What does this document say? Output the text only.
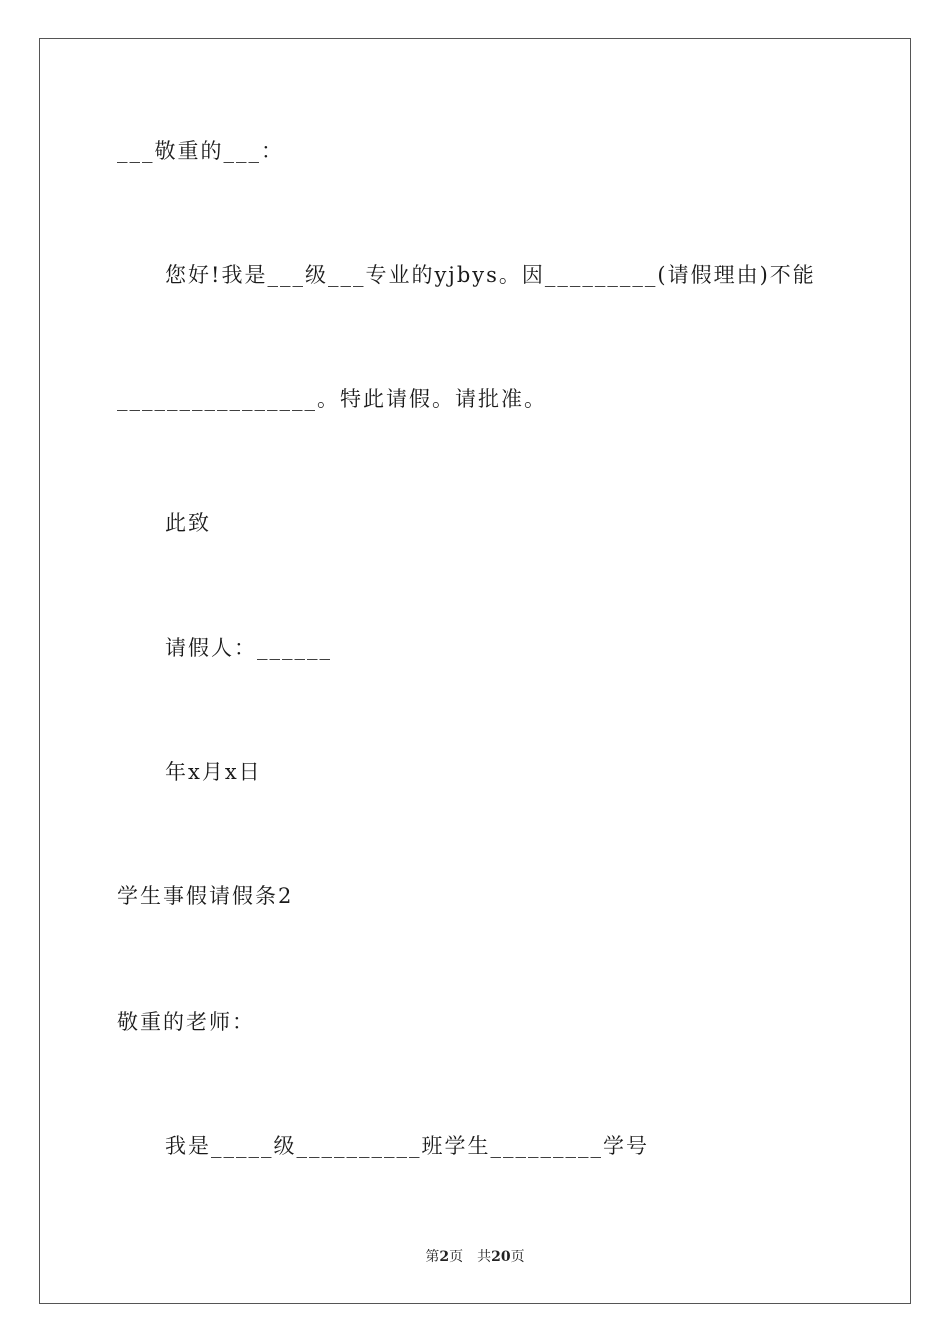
___敬重的___：
您好!我是___级___专业的yjbys。因_________(请假理由)不能
________________。特此请假。请批准。
此致
请假人：______
年x月x日
学生事假请假条2
敬重的老师：
我是_____级__________班学生_________学号
第2页 共20页
